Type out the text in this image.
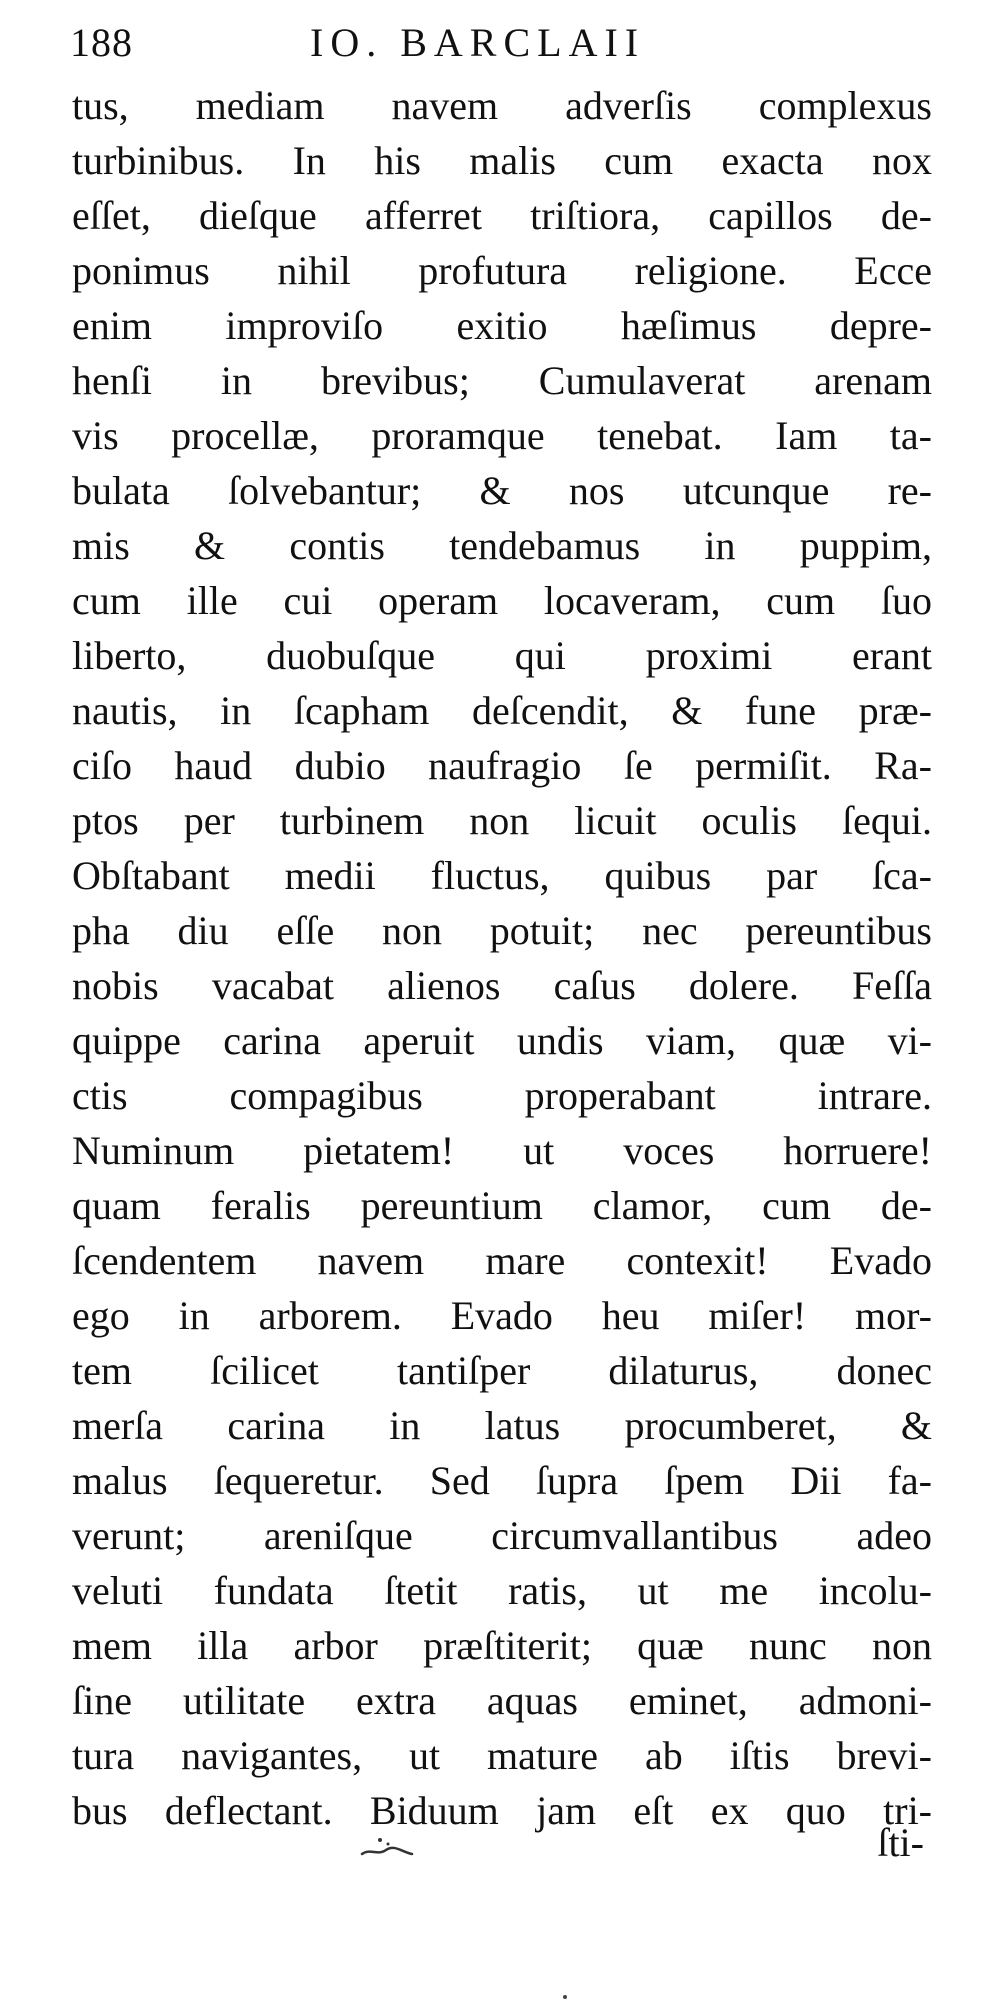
188	IO. BARCLAII
tus, mediam navem adverſis complexus
turbinibus. In his malis cum exacta nox
eſſet, dieſque afferret triſtiora, capillos de-
ponimus nihil profutura religione. Ecce
enim improviſo exitio hæſimus depre-
henſi in brevibus; Cumulaverat arenam
vis procellæ, proramque tenebat. Iam ta-
bulata ſolvebantur; & nos utcunque re-
mis & contis tendebamus in puppim,
cum ille cui operam locaveram, cum ſuo
liberto, duobuſque qui proximi erant
nautis, in ſcapham deſcendit, & fune præ-
ciſo haud dubio naufragio ſe permiſit. Ra-
ptos per turbinem non licuit oculis ſequi.
Obſtabant medii fluctus, quibus par ſca-
pha diu eſſe non potuit; nec pereuntibus
nobis vacabat alienos caſus dolere. Feſſa
quippe carina aperuit undis viam, quæ vi-
ctis compagibus properabant intrare.
Numinum pietatem! ut voces horruere!
quam feralis pereuntium clamor, cum de-
ſcendentem navem mare contexit! Evado
ego in arborem. Evado heu miſer! mor-
tem ſcilicet tantiſper dilaturus, donec
merſa carina in latus procumberet, &
malus ſequeretur. Sed ſupra ſpem Dii fa-
verunt; areniſque circumvallantibus adeo
veluti fundata ſtetit ratis, ut me incolu-
mem illa arbor præſtiterit; quæ nunc non
ſine utilitate extra aquas eminet, admoni-
tura navigantes, ut mature ab iſtis brevi-
bus deflectant. Biduum jam eſt ex quo tri-
ſti-
